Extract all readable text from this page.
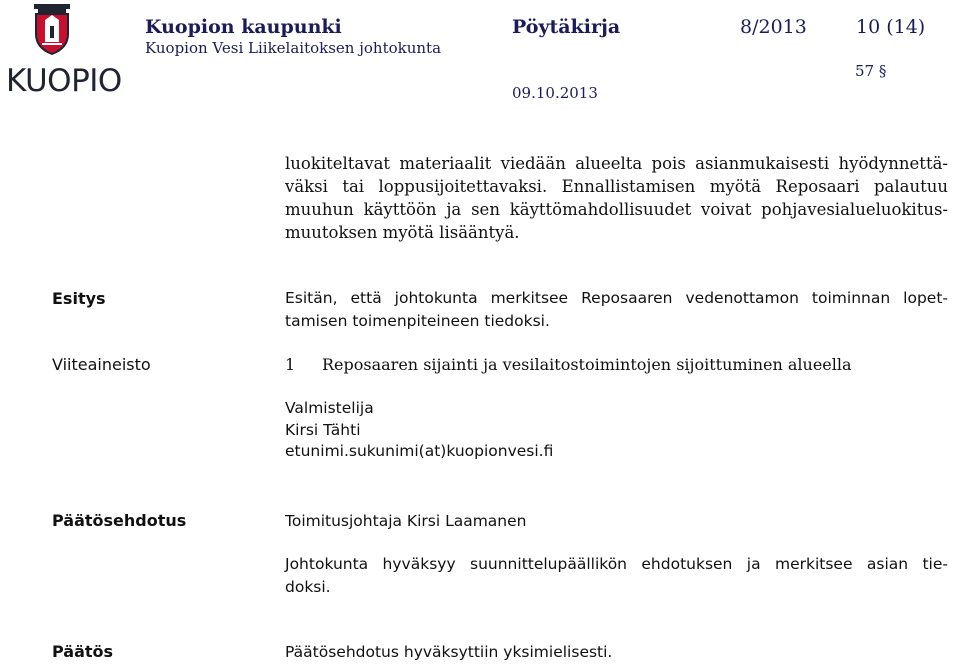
KUOPIO
Kuopion kaupunki
Kuopion Vesi Liikelaitoksen johtokunta
Pöytäkirja	8/2013	10 (14)
57 §
09.10.2013
luokiteltavat materiaalit viedään alueelta pois asianmukaisesti hyödynnettä-
väksi tai loppusijoitettavaksi. Ennallistamisen myötä Reposaari palautuu
muuhun käyttöön ja sen käyttömahdollisuudet voivat pohjavesialueluokitus-
muutoksen myötä lisääntyä.
Esitys	Esitän, että johtokunta merkitsee Reposaaren vedenottamon toiminnan lopet-
tamisen toimenpiteineen tiedoksi.
Viiteaineisto	1 Reposaaren sijainti ja vesilaitostoimintojen sijoittuminen alueella
Valmistelija
Kirsi Tähti
etunimi.sukunimi(at)kuopionvesi.fi
Päätösehdotus	Toimitusjohtaja Kirsi Laamanen
Johtokunta hyväksyy suunnittelupäällikön ehdotuksen ja merkitsee asian tie-
doksi.
Päätös	Päätösehdotus hyväksyttiin yksimielisesti.
